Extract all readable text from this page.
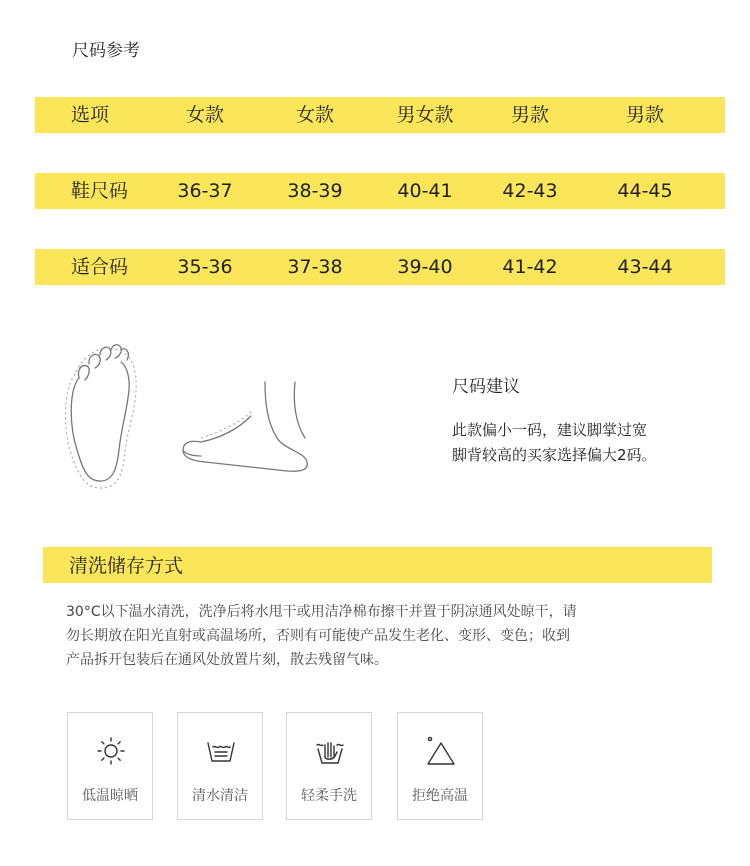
尺码参考
选项	女款	女款	男女款	男款	男款
鞋尺码	36-37	38-39	40-41	42-43	44-45
适合码	35-36	37-38	39-40	41-42	43-44
尺码建议
此款偏小一码，建议脚掌过宽
脚背较高的买家选择偏大2码。
清洗储存方式
30°C以下温水清洗，洗净后将水甩干或用洁净棉布擦干并置于阴凉通风处晾干，请
勿长期放在阳光直射或高温场所，否则有可能使产品发生老化、变形、变色；收到
产品拆开包装后在通风处放置片刻，散去残留气味。
低温晾晒	清水清洁	轻柔手洗	拒绝高温
